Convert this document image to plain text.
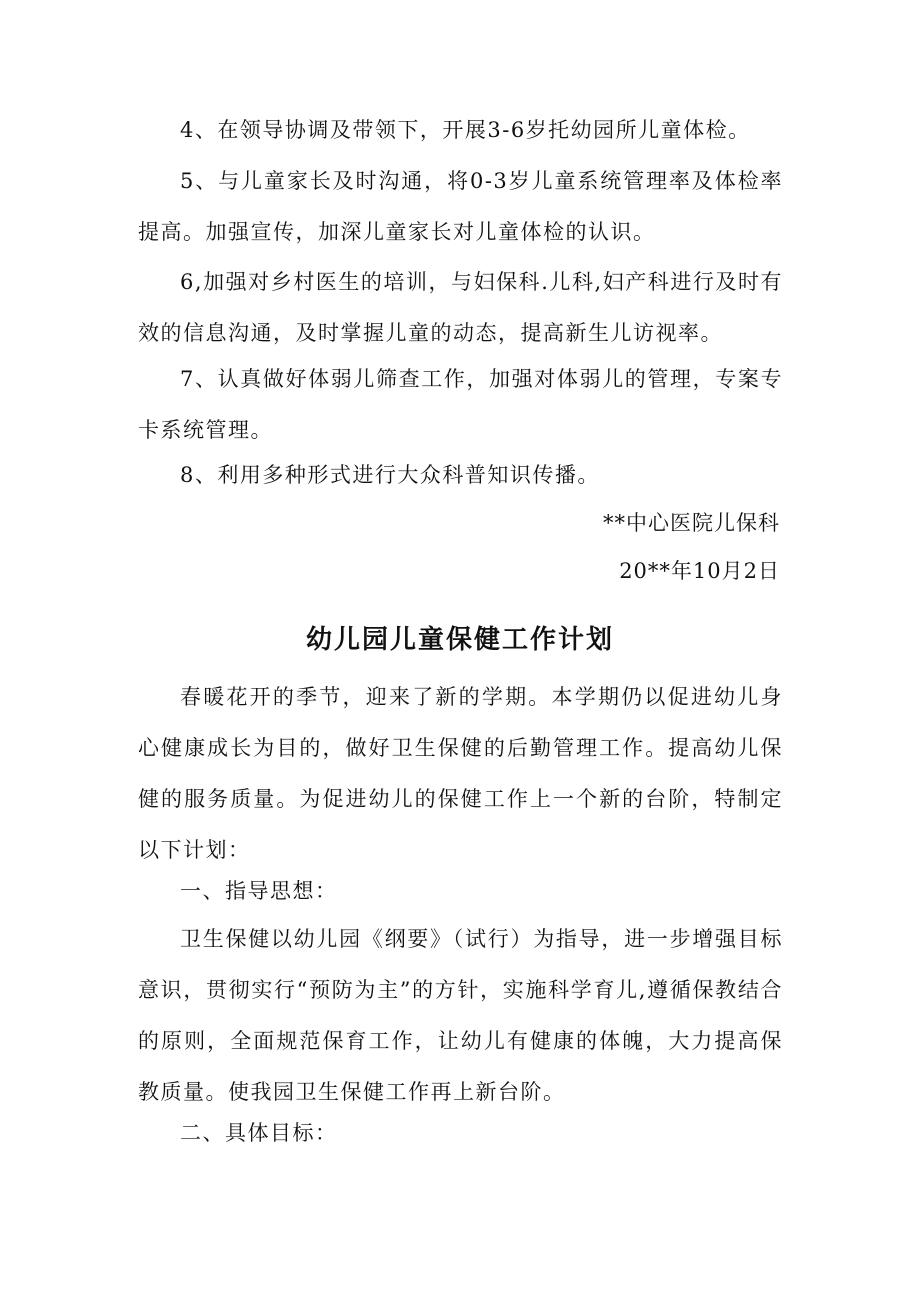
4、在领导协调及带领下，开展3-6岁托幼园所儿童体检。

5、与儿童家长及时沟通，将0-3岁儿童系统管理率及体检率提高。加强宣传，加深儿童家长对儿童体检的认识。

6,加强对乡村医生的培训，与妇保科.儿科,妇产科进行及时有效的信息沟通，及时掌握儿童的动态，提高新生儿访视率。

7、认真做好体弱儿筛查工作，加强对体弱儿的管理，专案专卡系统管理。

8、利用多种形式进行大众科普知识传播。

**中心医院儿保科

20**年10月2日

幼儿园儿童保健工作计划

春暖花开的季节，迎来了新的学期。本学期仍以促进幼儿身心健康成长为目的，做好卫生保健的后勤管理工作。提高幼儿保健的服务质量。为促进幼儿的保健工作上一个新的台阶，特制定以下计划：

一、指导思想：

卫生保健以幼儿园《纲要》（试行）为指导，进一步增强目标意识，贯彻实行“预防为主”的方针，实施科学育儿,遵循保教结合的原则，全面规范保育工作，让幼儿有健康的体魄，大力提高保教质量。使我园卫生保健工作再上新台阶。

二、具体目标：
